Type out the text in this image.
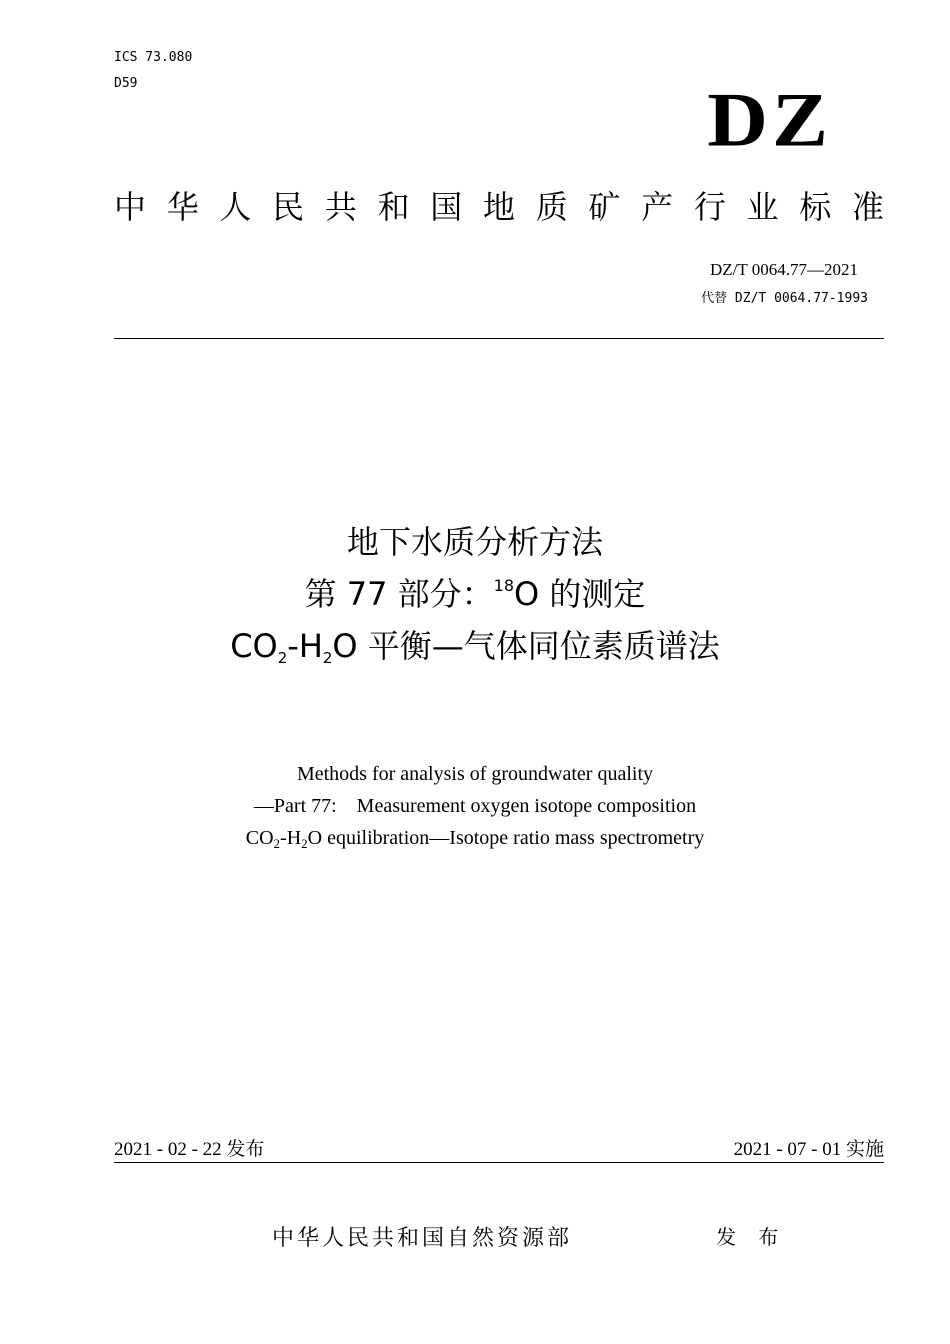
ICS 73.080
D59	DZ
中华人民共和国地质矿产行业标准
DZ/T 0064.77—2021
代替 DZ/T 0064.77-1993
地下水质分析方法
第 77 部分：$^{18}$O 的测定
$CO_2-H_2O$ 平衡—气体同位素质谱法
Methods for analysis of groundwater quality
—Part 77:　Measurement oxygen isotope composition
$CO_2-H_2O$ equilibration—Isotope ratio mass spectrometry
2021 - 02 - 22 发布	2021 - 07 - 01 实施
中华人民共和国自然资源部	发 布
